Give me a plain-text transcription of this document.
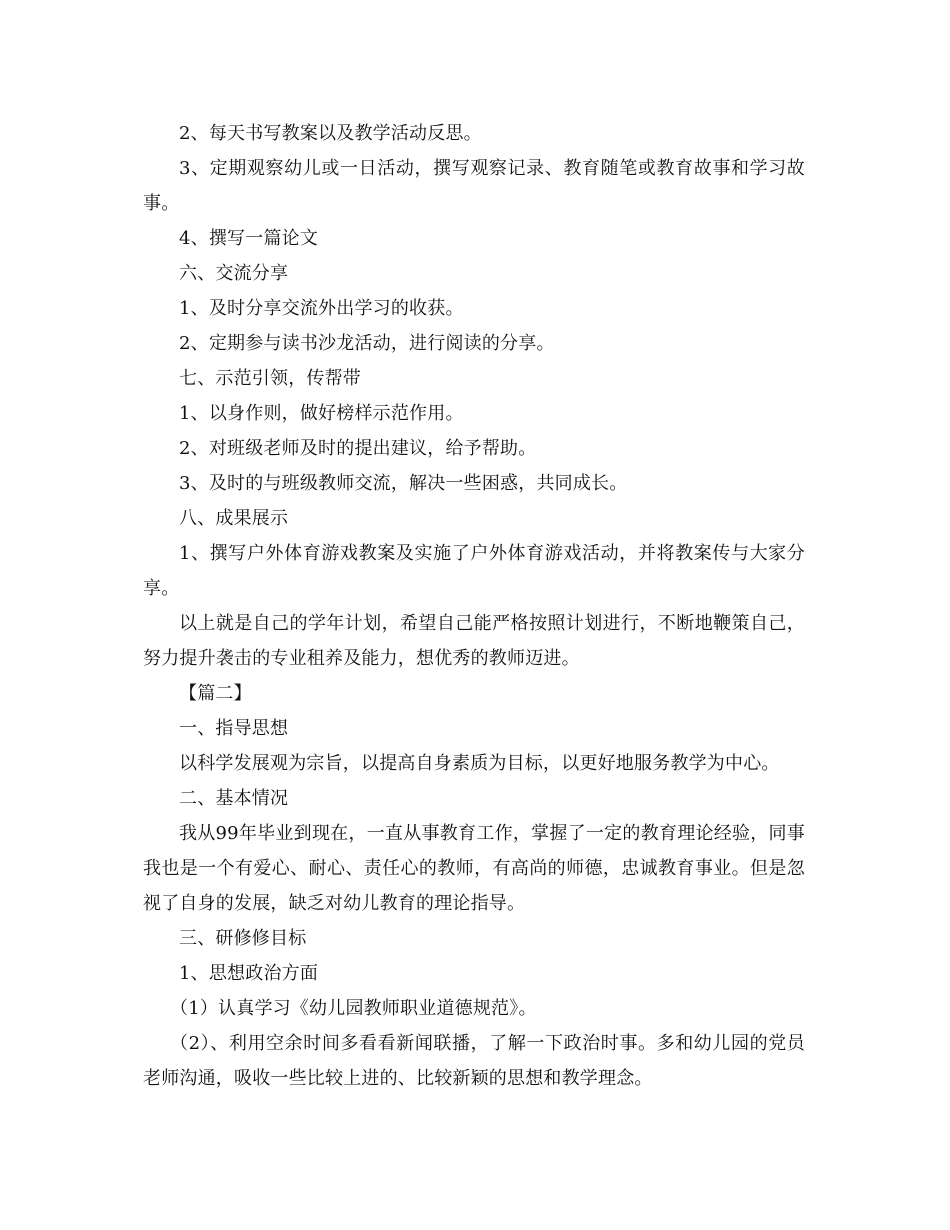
2、每天书写教案以及教学活动反思。

3、定期观察幼儿或一日活动，撰写观察记录、教育随笔或教育故事和学习故事。

4、撰写一篇论文

六、交流分享

1、及时分享交流外出学习的收获。

2、定期参与读书沙龙活动，进行阅读的分享。

七、示范引领，传帮带

1、以身作则，做好榜样示范作用。

2、对班级老师及时的提出建议，给予帮助。

3、及时的与班级教师交流，解决一些困惑，共同成长。

八、成果展示

1、撰写户外体育游戏教案及实施了户外体育游戏活动，并将教案传与大家分享。

以上就是自己的学年计划，希望自己能严格按照计划进行，不断地鞭策自己，努力提升袭击的专业租养及能力，想优秀的教师迈进。

【篇二】

一、指导思想

以科学发展观为宗旨，以提高自身素质为目标，以更好地服务教学为中心。

二、基本情况

我从99年毕业到现在，一直从事教育工作，掌握了一定的教育理论经验，同事我也是一个有爱心、耐心、责任心的教师，有高尚的师德，忠诚教育事业。但是忽视了自身的发展，缺乏对幼儿教育的理论指导。

三、研修修目标

1、思想政治方面

（1）认真学习《幼儿园教师职业道德规范》。

（2）、利用空余时间多看看新闻联播，了解一下政治时事。多和幼儿园的党员老师沟通，吸收一些比较上进的、比较新颖的思想和教学理念。
